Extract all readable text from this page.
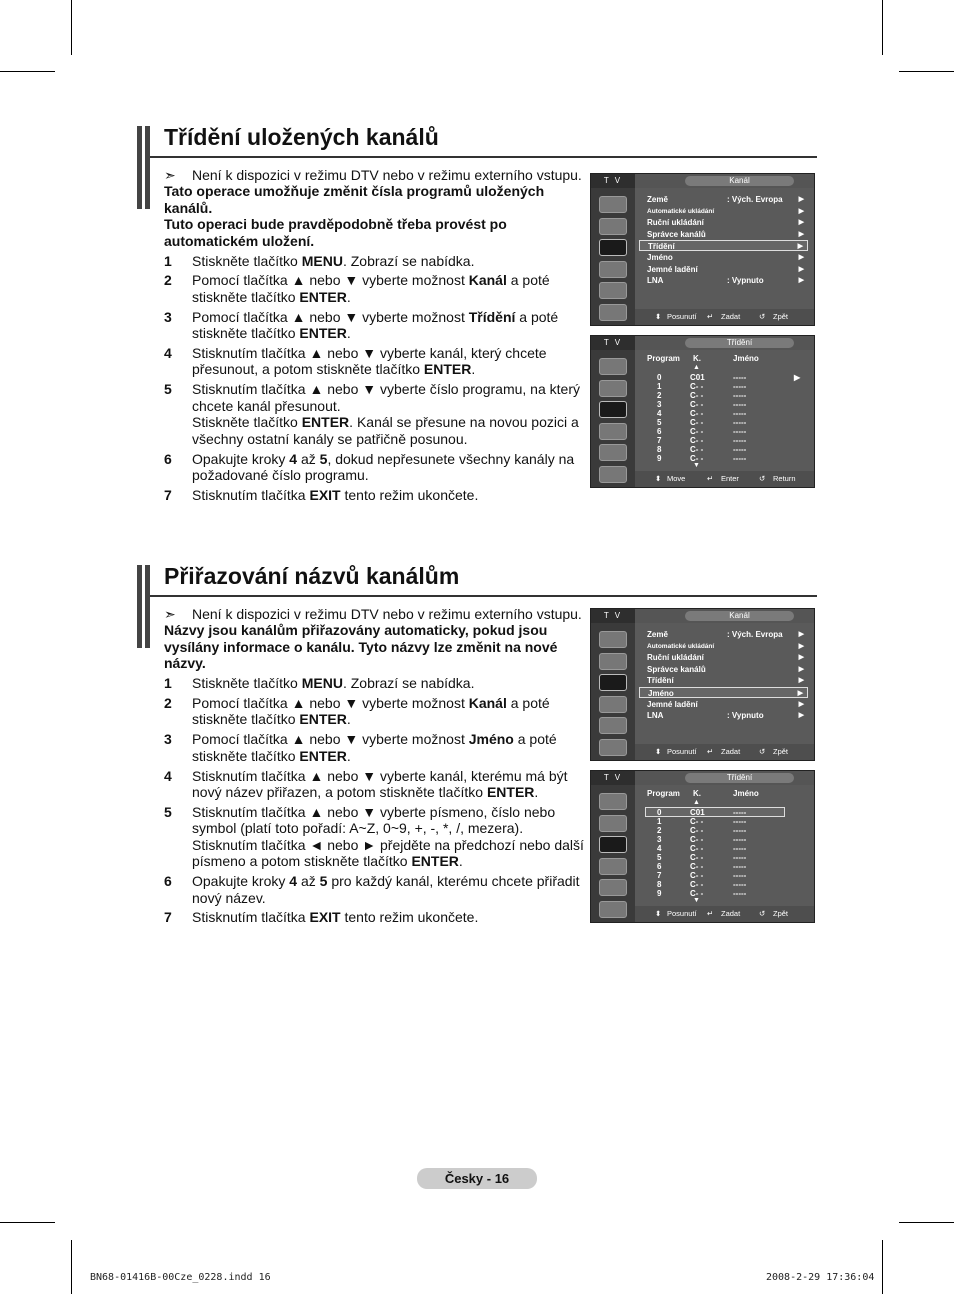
Třídění uložených kanálů
➣	Není k dispozici v režimu DTV nebo v režimu externího vstupu.
Tato operace umožňuje změnit čísla programů uložených kanálů.
Tuto operaci bude pravděpodobně třeba provést po automatickém uložení.
1	Stiskněte tlačítko MENU. Zobrazí se nabídka.
2	Pomocí tlačítka ▲ nebo ▼ vyberte možnost Kanál a poté stiskněte tlačítko ENTER.
3	Pomocí tlačítka ▲ nebo ▼ vyberte možnost Třídění a poté stiskněte tlačítko ENTER.
4	Stisknutím tlačítka ▲ nebo ▼ vyberte kanál, který chcete přesunout, a potom stiskněte tlačítko ENTER.
5	Stisknutím tlačítka ▲ nebo ▼ vyberte číslo programu, na který chcete kanál přesunout.
Stiskněte tlačítko ENTER. Kanál se přesune na novou pozici a všechny ostatní kanály se patřičně posunou.
6	Opakujte kroky 4 až 5, dokud nepřesunete všechny kanály na požadované číslo programu.
7	Stisknutím tlačítka EXIT tento režim ukončete.
T V	Kanál
Země	: Vých. Evropa ▶
Automatické ukládání	▶
Ruční ukládání	▶
Správce kanálů	▶
Třídění	▶
Jméno	▶
Jemné ladění	▶
LNA	: Vypnuto	▶
⬍ Posunutí ↵ Zadat	↺ Zpět
T V	Třídění
Program K.	Jméno
▲
0	C01	-----
1	C- -	-----
2	C- -	-----
3	C- -	-----
4	C- -	-----
5	C- -	-----
6	C- -	-----
7	C- -	-----
8	C- -	-----
9	C- -	-----
▶
▼
⬍ Move	↵ Enter	↺ Return
Přiřazování názvů kanálům
➣	Není k dispozici v režimu DTV nebo v režimu externího vstupu.
Názvy jsou kanálům přiřazovány automaticky, pokud jsou vysílány informace o kanálu. Tyto názvy lze změnit na nové názvy.
1	Stiskněte tlačítko MENU. Zobrazí se nabídka.
2	Pomocí tlačítka ▲ nebo ▼ vyberte možnost Kanál a poté stiskněte tlačítko ENTER.
3	Pomocí tlačítka ▲ nebo ▼ vyberte možnost Jméno a poté stiskněte tlačítko ENTER.
4	Stisknutím tlačítka ▲ nebo ▼ vyberte kanál, kterému má být nový název přiřazen, a potom stiskněte tlačítko ENTER.
5	Stisknutím tlačítka ▲ nebo ▼ vyberte písmeno, číslo nebo symbol (platí toto pořadí: A~Z, 0~9, +, -, *, /, mezera).
Stisknutím tlačítka ◄ nebo ► přejděte na předchozí nebo další písmeno a potom stiskněte tlačítko ENTER.
6	Opakujte kroky 4 až 5 pro každý kanál, kterému chcete přiřadit nový název.
7	Stisknutím tlačítka EXIT tento režim ukončete.
T V	Kanál
Země	: Vých. Evropa ▶
Automatické ukládání	▶
Ruční ukládání	▶
Správce kanálů	▶
Třídění	▶
Jméno	▶
Jemné ladění	▶
LNA	: Vypnuto	▶
⬍ Posunutí ↵ Zadat	↺ Zpět
T V	Třídění
Program K.	Jméno
▲
0	C01	-----
1	C- -	-----
2	C- -	-----
3	C- -	-----
4	C- -	-----
5	C- -	-----
6	C- -	-----
7	C- -	-----
8	C- -	-----
9	C- -	-----
▼
⬍ Posunutí ↵ Zadat	↺ Zpět
Česky - 16
BN68-01416B-00Cze_0228.indd 16	2008-2-29 17:36:04
